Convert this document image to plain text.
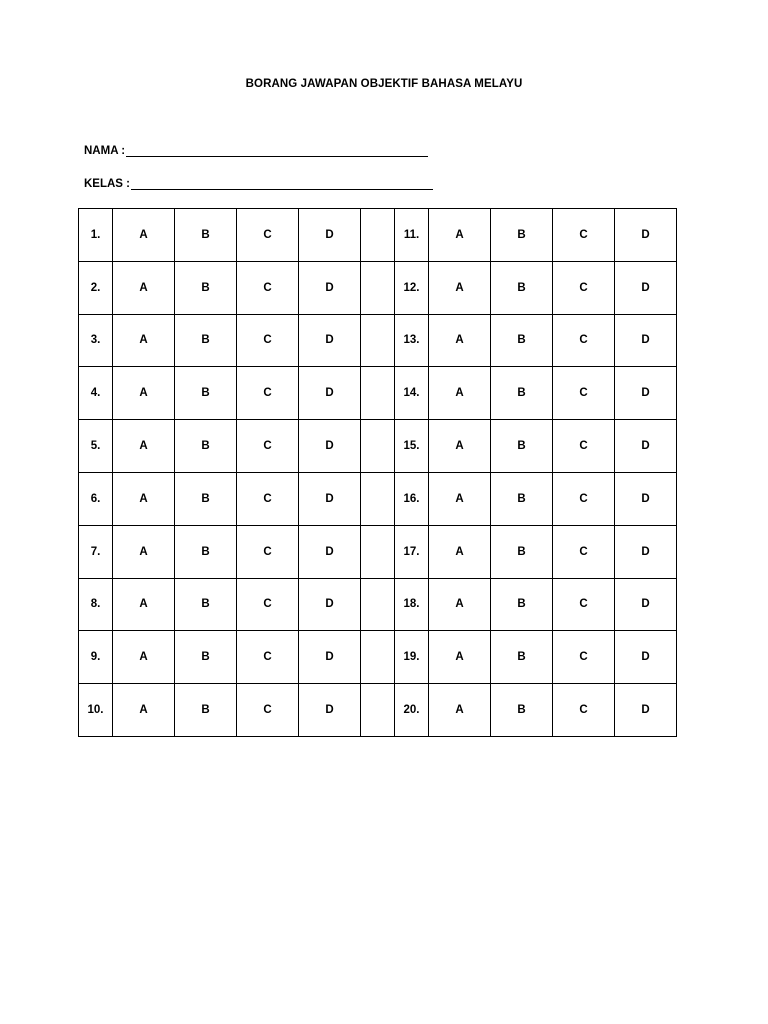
BORANG JAWAPAN OBJEKTIF BAHASA MELAYU
NAMA :
KELAS :
1.	A	B	C	D		11.	A	B	C	D
2.	A	B	C	D		12.	A	B	C	D
3.	A	B	C	D		13.	A	B	C	D
4.	A	B	C	D		14.	A	B	C	D
5.	A	B	C	D		15.	A	B	C	D
6.	A	B	C	D		16.	A	B	C	D
7.	A	B	C	D		17.	A	B	C	D
8.	A	B	C	D		18.	A	B	C	D
9.	A	B	C	D		19.	A	B	C	D
10.	A	B	C	D		20.	A	B	C	D
